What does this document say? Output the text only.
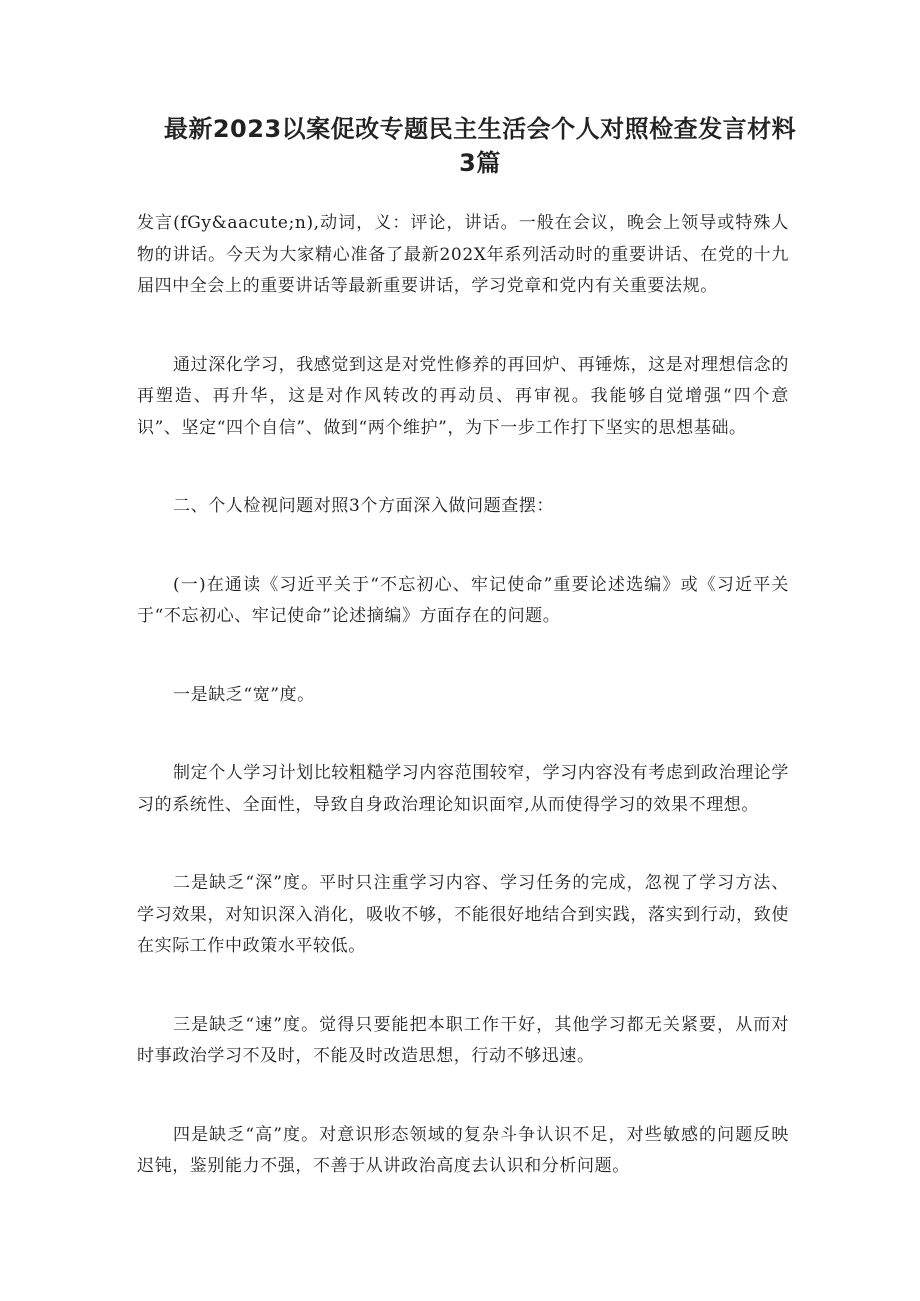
最新2023以案促改专题民主生活会个人对照检查发言材料3篇

发言(fGy&aacute;n),动词，义：评论，讲话。一般在会议，晚会上领导或特殊人物的讲话。今天为大家精心准备了最新202X年系列活动时的重要讲话、在党的十九届四中全会上的重要讲话等最新重要讲话，学习党章和党内有关重要法规。

通过深化学习，我感觉到这是对党性修养的再回炉、再锤炼，这是对理想信念的再塑造、再升华，这是对作风转改的再动员、再审视。我能够自觉增强“四个意识”、坚定“四个自信”、做到“两个维护”，为下一步工作打下坚实的思想基础。

二、个人检视问题对照3个方面深入做问题查摆：

(一)在通读《习近平关于“不忘初心、牢记使命”重要论述选编》或《习近平关于“不忘初心、牢记使命”论述摘编》方面存在的问题。

一是缺乏“宽”度。

制定个人学习计划比较粗糙学习内容范围较窄，学习内容没有考虑到政治理论学习的系统性、全面性，导致自身政治理论知识面窄,从而使得学习的效果不理想。

二是缺乏“深”度。平时只注重学习内容、学习任务的完成，忽视了学习方法、学习效果，对知识深入消化，吸收不够，不能很好地结合到实践，落实到行动，致使在实际工作中政策水平较低。

三是缺乏“速”度。觉得只要能把本职工作干好，其他学习都无关紧要，从而对时事政治学习不及时，不能及时改造思想，行动不够迅速。

四是缺乏“高”度。对意识形态领域的复杂斗争认识不足，对些敏感的问题反映迟钝，鉴别能力不强，不善于从讲政治高度去认识和分析问题。
